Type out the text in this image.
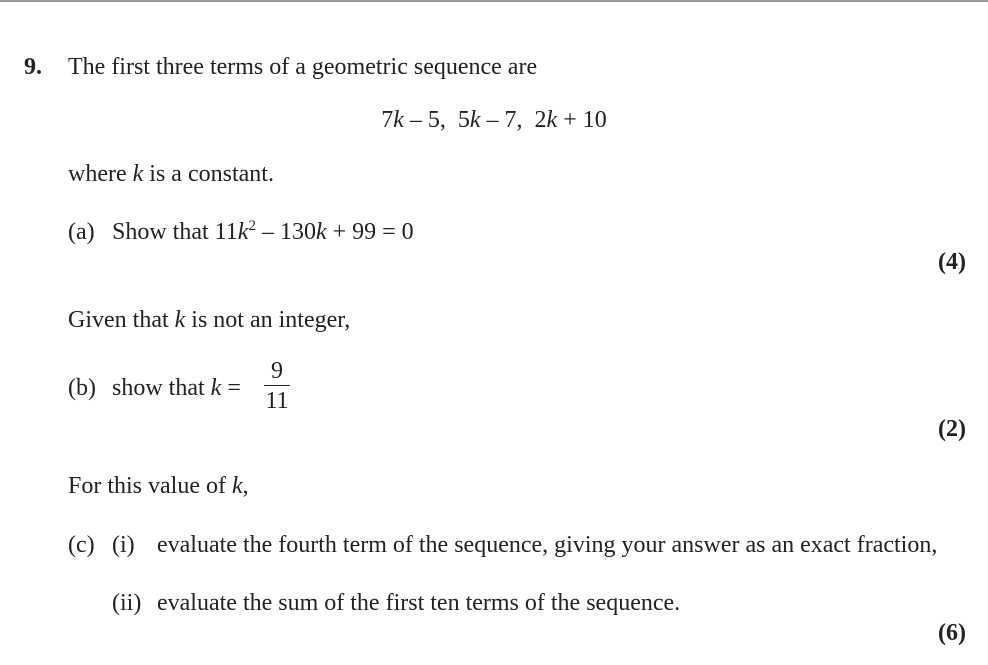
9. The first three terms of a geometric sequence are
7k – 5, 5k – 7, 2k + 10
where k is a constant.
(a) Show that $11k^2 - 130k + 99 = 0$
(4)
Given that k is not an integer,
(b) show that k =
9
11
(2)
For this value of k,
(c) (i) evaluate the fourth term of the sequence, giving your answer as an exact fraction,
(ii) evaluate the sum of the first ten terms of the sequence.
(6)
